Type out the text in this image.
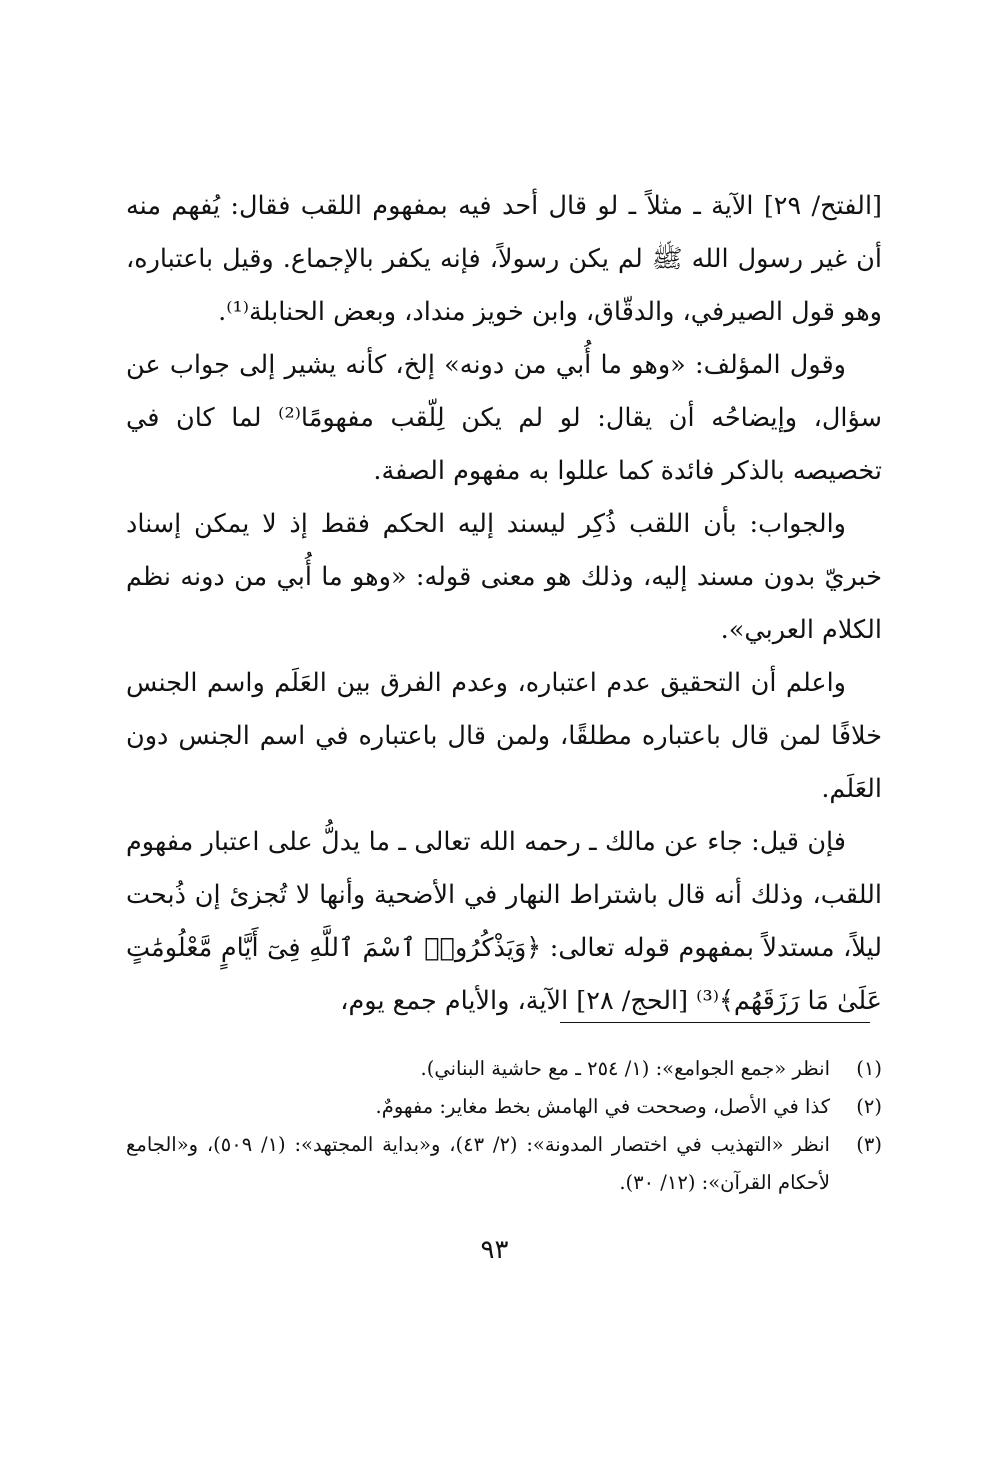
[الفتح/ ٢٩] الآية ـ مثلاً ـ لو قال أحد فيه بمفهوم اللقب فقال: يُفهم منه أن غير رسول الله ﷺ لم يكن رسولاً، فإنه يكفر بالإجماع. وقيل باعتباره، وهو قول الصيرفي، والدقّاق، وابن خويز منداد، وبعض الحنابلة⁽¹⁾.

وقول المؤلف: «وهو ما أُبي من دونه» إلخ، كأنه يشير إلى جواب عن سؤال، وإيضاحُه أن يقال: لو لم يكن لِلّقب مفهومًا⁽²⁾ لما كان في تخصيصه بالذكر فائدة كما عللوا به مفهوم الصفة.

والجواب: بأن اللقب ذُكِر ليسند إليه الحكم فقط إذ لا يمكن إسناد خبريّ بدون مسند إليه، وذلك هو معنى قوله: «وهو ما أُبي من دونه نظم الكلام العربي».

واعلم أن التحقيق عدم اعتباره، وعدم الفرق بين العَلَم واسم الجنس خلافًا لمن قال باعتباره مطلقًا، ولمن قال باعتباره في اسم الجنس دون العَلَم.

فإن قيل: جاء عن مالك ـ رحمه الله تعالى ـ ما يدلُّ على اعتبار مفهوم اللقب، وذلك أنه قال باشتراط النهار في الأضحية وأنها لا تُجزئ إن ذُبحت ليلاً، مستدلاً بمفهوم قوله تعالى: ﴿وَيَذْكُرُوا۟ ٱسْمَ ٱللَّهِ فِىٓ أَيَّامٍ مَّعْلُومَٰتٍ عَلَىٰ مَا رَزَقَهُم﴾⁽³⁾ [الحج/ ٢٨] الآية، والأيام جمع يوم،

(١)
انظر «جمع الجوامع»: (١/ ٢٥٤ ـ مع حاشية البناني).
(٢)
كذا في الأصل، وصححت في الهامش بخط مغاير: مفهومٌ.
(٣)
انظر «التهذيب في اختصار المدونة»: (٢/ ٤٣)، و«بداية المجتهد»: (١/ ٥٠٩)، و«الجامع لأحكام القرآن»: (١٢/ ٣٠).
٩٣
